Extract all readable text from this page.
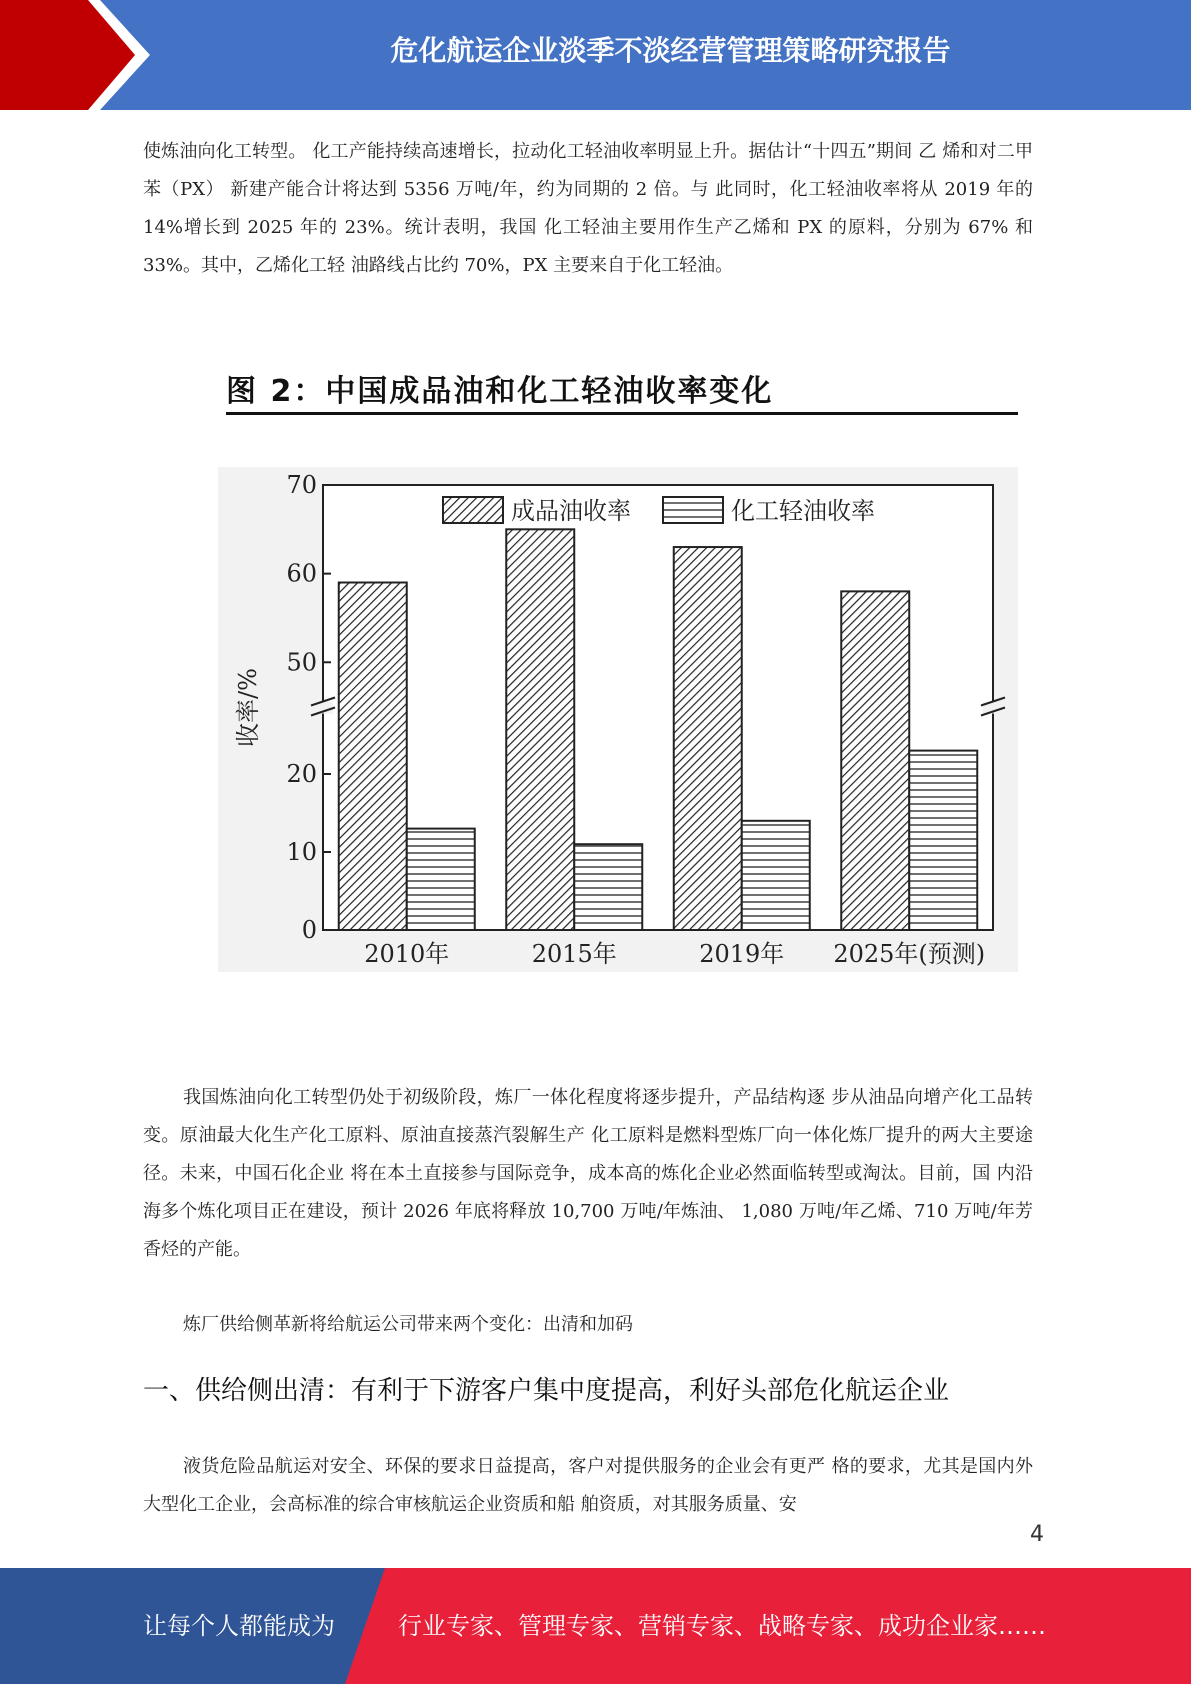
危化航运企业淡季不淡经营管理策略研究报告

使炼油向化工转型。 化工产能持续高速增长，拉动化工轻油收率明显上升。据估计“十四五”期间 乙 烯和对二甲苯（PX） 新建产能合计将达到 5356 万吨/年，约为同期的 2 倍。与 此同时，化工轻油收率将从 2019 年的 14%增长到 2025 年的 23%。统计表明，我国 化工轻油主要用作生产乙烯和 PX 的原料，分别为 67% 和 33%。其中，乙烯化工轻 油路线占比约 70%，PX 主要来自于化工轻油。

图 2：中国成品油和化工轻油收率变化
2010年	2015年	2019年 2025年(预测)
0
10
20
50
60
70
收率/%
成品油收率	化工轻油收率

我国炼油向化工转型仍处于初级阶段，炼厂一体化程度将逐步提升，产品结构逐 步从油品向增产化工品转变。原油最大化生产化工原料、原油直接蒸汽裂解生产 化工原料是燃料型炼厂向一体化炼厂提升的两大主要途径。未来，中国石化企业 将在本土直接参与国际竞争，成本高的炼化企业必然面临转型或淘汰。目前，国 内沿海多个炼化项目正在建设，预计 2026 年底将释放 10,700 万吨/年炼油、 1,080 万吨/年乙烯、710 万吨/年芳香烃的产能。

炼厂供给侧革新将给航运公司带来两个变化：出清和加码

一、供给侧出清：有利于下游客户集中度提高，利好头部危化航运企业

液货危险品航运对安全、环保的要求日益提高，客户对提供服务的企业会有更严 格的要求，尤其是国内外大型化工企业，会高标准的综合审核航运企业资质和船 舶资质，对其服务质量、安

4
让每个人都能成为	行业专家、管理专家、营销专家、战略专家、成功企业家……
